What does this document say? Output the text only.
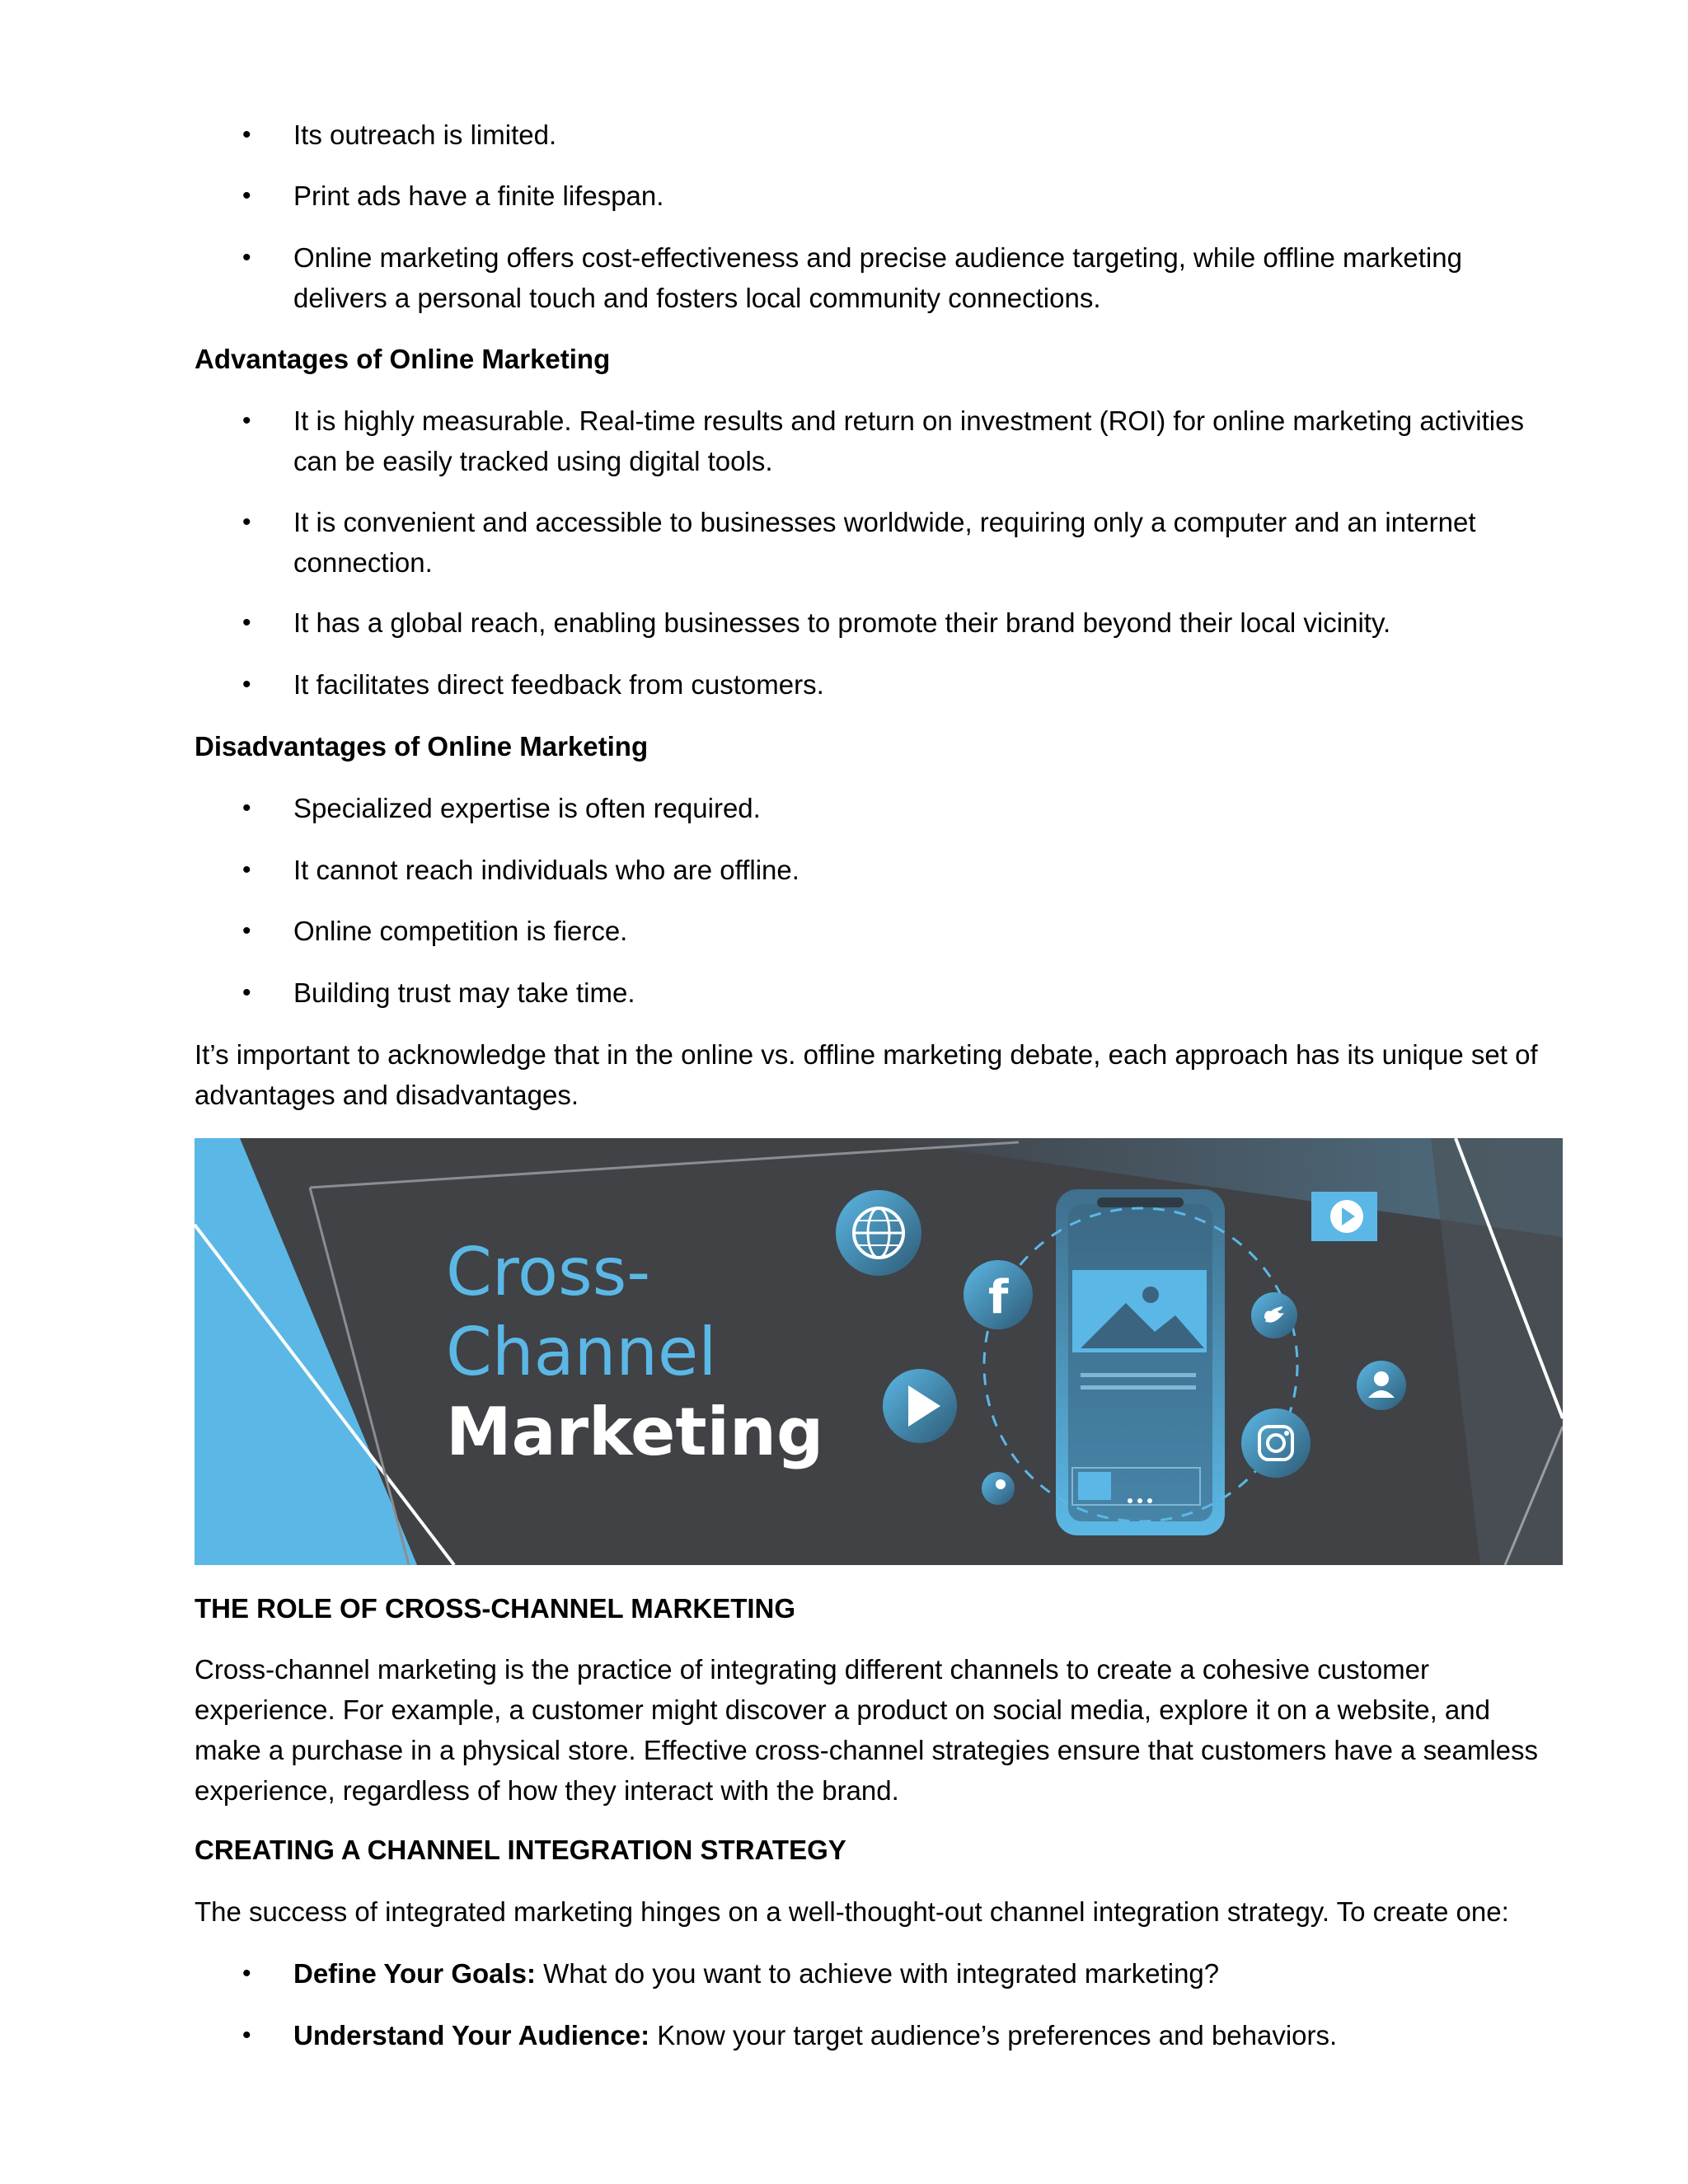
• Its outreach is limited.
• Print ads have a finite lifespan.
• Online marketing offers cost-effectiveness and precise audience targeting, while offline marketing delivers a personal touch and fosters local community connections.
Advantages of Online Marketing
• It is highly measurable. Real-time results and return on investment (ROI) for online marketing activities can be easily tracked using digital tools.
• It is convenient and accessible to businesses worldwide, requiring only a computer and an internet connection.
• It has a global reach, enabling businesses to promote their brand beyond their local vicinity.
• It facilitates direct feedback from customers.
Disadvantages of Online Marketing
• Specialized expertise is often required.
• It cannot reach individuals who are offline.
• Online competition is fierce.
• Building trust may take time.

It’s important to acknowledge that in the online vs. offline marketing debate, each approach has its unique set of advantages and disadvantages.

THE ROLE OF CROSS-CHANNEL MARKETING

Cross-channel marketing is the practice of integrating different channels to create a cohesive customer experience. For example, a customer might discover a product on social media, explore it on a website, and make a purchase in a physical store. Effective cross-channel strategies ensure that customers have a seamless experience, regardless of how they interact with the brand.

CREATING A CHANNEL INTEGRATION STRATEGY

The success of integrated marketing hinges on a well-thought-out channel integration strategy. To create one:

• Define Your Goals: What do you want to achieve with integrated marketing?
• Understand Your Audience: Know your target audience’s preferences and behaviors.
Cross-
Channel
Marketing
f
